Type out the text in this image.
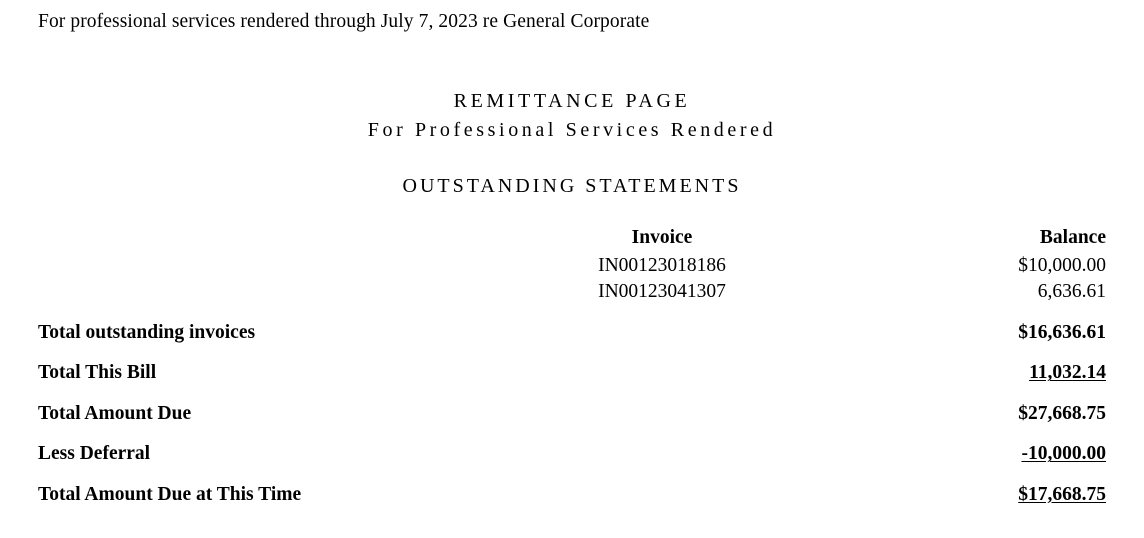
For professional services rendered through July 7, 2023 re General Corporate
REMITTANCE PAGE
For Professional Services Rendered
OUTSTANDING STATEMENTS
Invoice	Balance
IN00123018186	$10,000.00
IN00123041307	6,636.61
Total outstanding invoices	$16,636.61
Total This Bill	11,032.14
Total Amount Due	$27,668.75
Less Deferral	-10,000.00
Total Amount Due at This Time	$17,668.75
